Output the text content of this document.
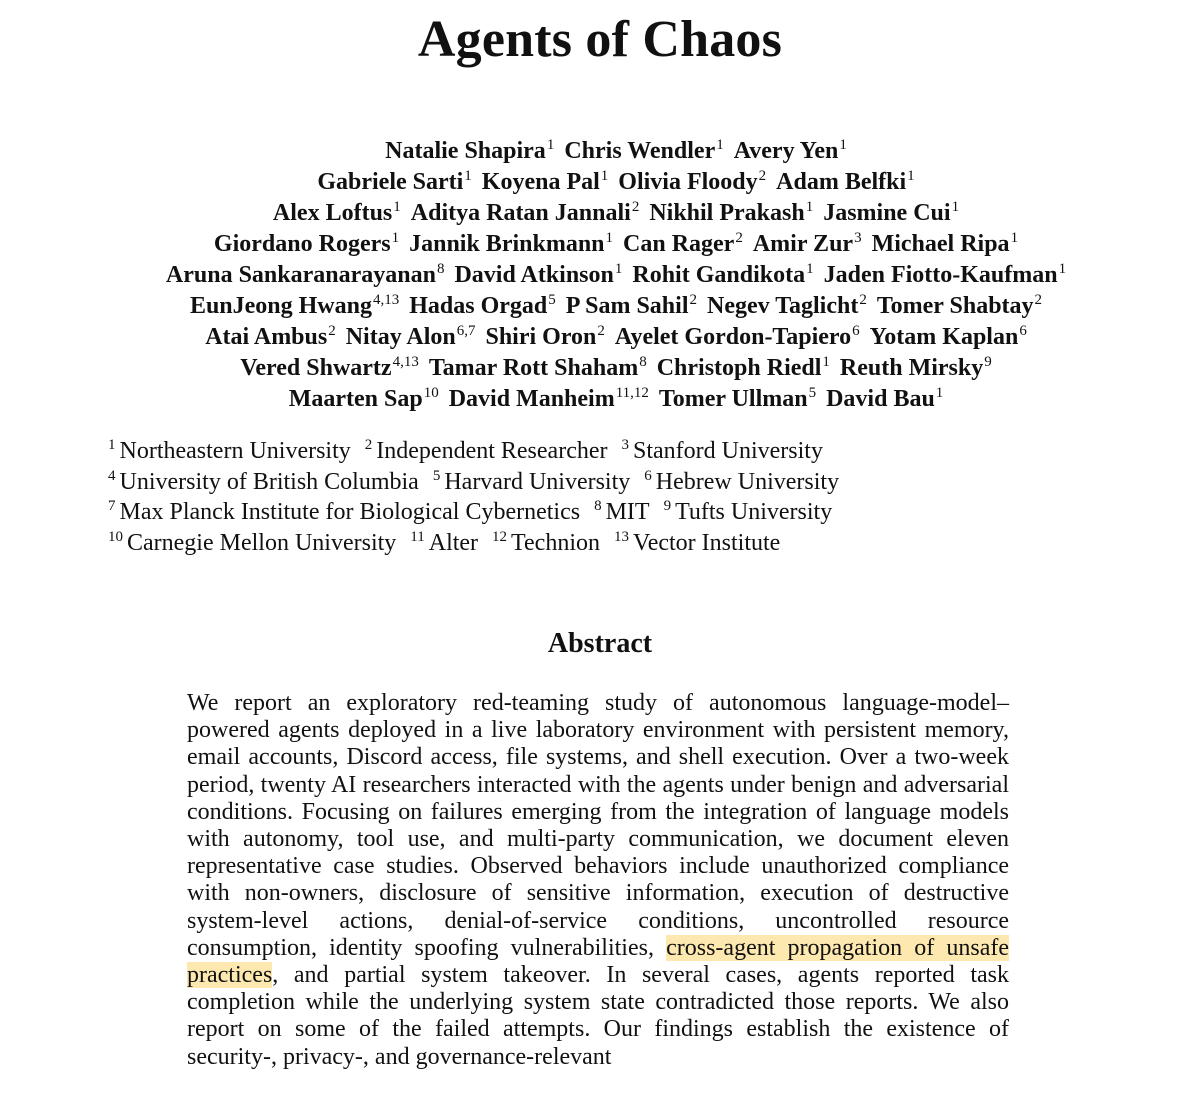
Agents of Chaos
Natalie Shapira$^1$ Chris Wendler$^1$ Avery Yen$^1$
Gabriele Sarti$^1$ Koyena Pal$^1$ Olivia Floody$^2$ Adam Belfki$^1$
Alex Loftus$^1$ Aditya Ratan Jannali$^2$ Nikhil Prakash$^1$ Jasmine Cui$^1$
Giordano Rogers$^1$ Jannik Brinkmann$^1$ Can Rager$^2$ Amir Zur$^3$ Michael Ripa$^1$
Aruna Sankaranarayanan$^8$ David Atkinson$^1$ Rohit Gandikota$^1$ Jaden Fiotto-Kaufman$^1$
EunJeong Hwang$^{4,13}$ Hadas Orgad$^5$ P Sam Sahil$^2$ Negev Taglicht$^2$ Tomer Shabtay$^2$
Atai Ambus$^2$ Nitay Alon$^{6,7}$ Shiri Oron$^2$ Ayelet Gordon-Tapiero$^6$ Yotam Kaplan$^6$
Vered Shwartz$^{4,13}$ Tamar Rott Shaham$^8$ Christoph Riedl$^1$ Reuth Mirsky$^9$
Maarten Sap$^{10}$ David Manheim$^{11,12}$ Tomer Ullman$^5$ David Bau$^1$
$^1$ Northeastern University $^2$ Independent Researcher $^3$ Stanford University
$^4$ University of British Columbia $^5$ Harvard University $^6$ Hebrew University
$^7$ Max Planck Institute for Biological Cybernetics $^8$ MIT $^9$ Tufts University
$^{10}$ Carnegie Mellon University $^{11}$ Alter $^{12}$ Technion $^{13}$ Vector Institute
Abstract

We report an exploratory red-teaming study of autonomous language-model–powered agents deployed in a live laboratory environment with persistent memory, email accounts, Discord access, file systems, and shell execution. Over a two-week period, twenty AI researchers interacted with the agents under benign and adversarial conditions. Focusing on failures emerging from the integration of language models with autonomy, tool use, and multi-party communication, we document eleven representative case studies. Observed behaviors include unauthorized compliance with non-owners, disclosure of sensitive information, execution of destructive system-level actions, denial-of-service conditions, uncontrolled resource consumption, identity spoofing vulnerabilities, cross-agent propagation of unsafe practices, and partial system takeover. In several cases, agents reported task completion while the underlying system state contradicted those reports. We also report on some of the failed attempts. Our findings establish the existence of security-, privacy-, and governance-relevant
